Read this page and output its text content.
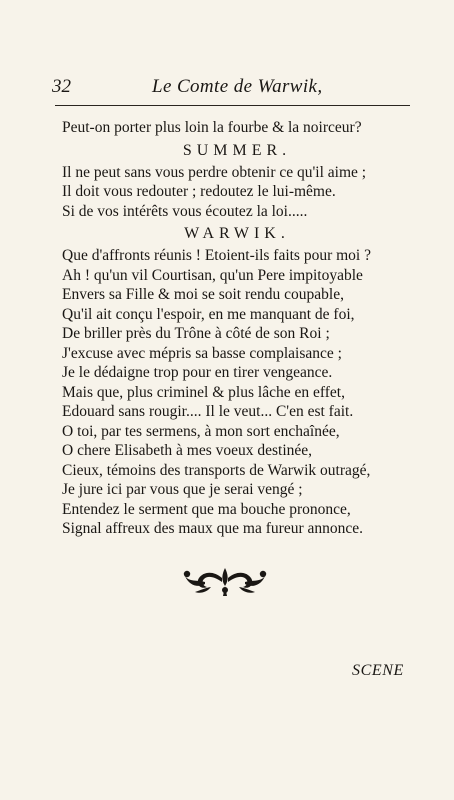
32	Le Comte de Warwik,
Peut-on porter plus loin la fourbe & la noirceur?
SUMMER.
Il ne peut sans vous perdre obtenir ce qu'il aime ;
Il doit vous redouter ; redoutez le lui-même.
Si de vos intérêts vous écoutez la loi.....
WARWIK.
Que d'affronts réunis ! Etoient-ils faits pour moi ?
Ah ! qu'un vil Courtisan, qu'un Pere impitoyable
Envers sa Fille & moi se soit rendu coupable,
Qu'il ait conçu l'espoir, en me manquant de foi,
De briller près du Trône à côté de son Roi ;
J'excuse avec mépris sa basse complaisance ;
Je le dédaigne trop pour en tirer vengeance.
Mais que, plus criminel & plus lâche en effet,
Edouard sans rougir.... Il le veut... C'en est fait.
O toi, par tes sermens, à mon sort enchaînée,
O chere Elisabeth à mes voeux destinée,
Cieux, témoins des transports de Warwik outragé,
Je jure ici par vous que je serai vengé ;
Entendez le serment que ma bouche prononce,
Signal affreux des maux que ma fureur annonce.
SCENE
